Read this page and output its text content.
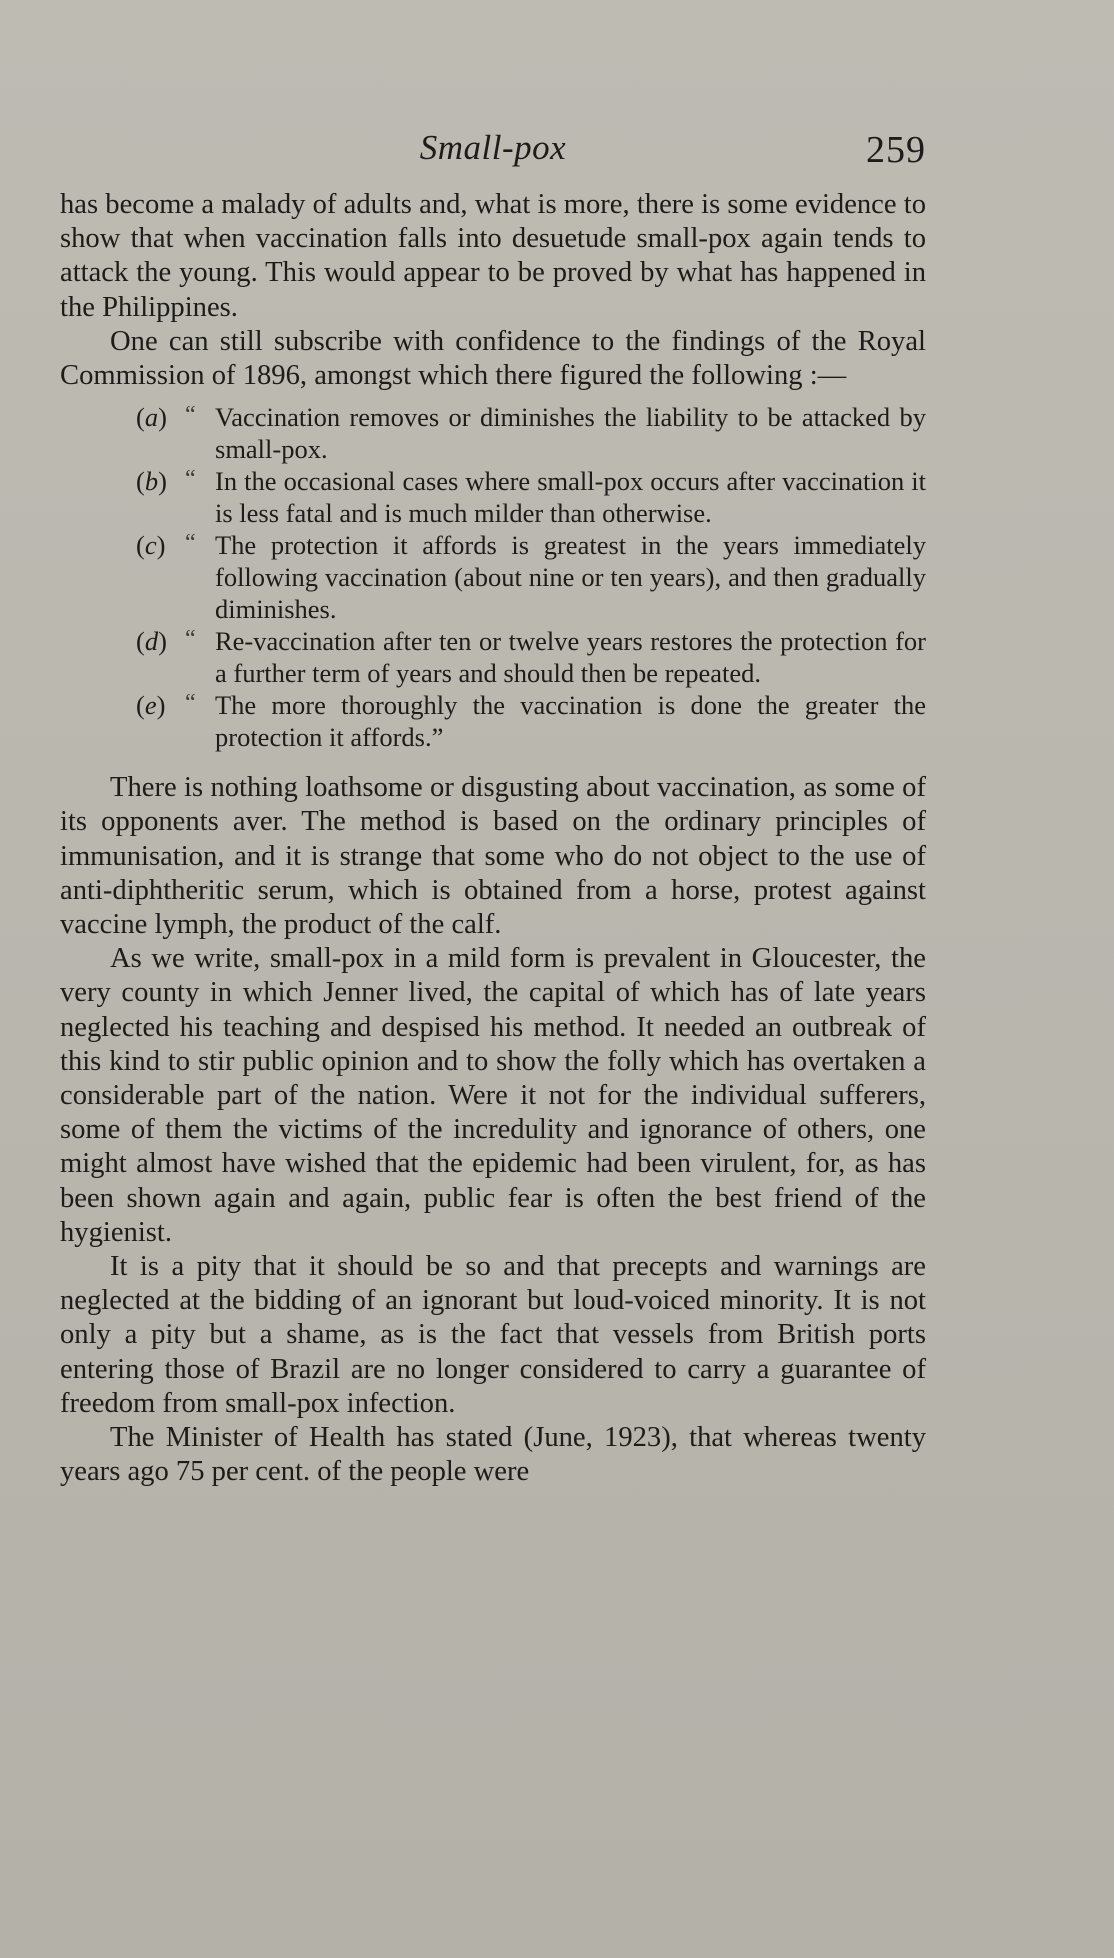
Small-pox	259

has become a malady of adults and, what is more, there is some evidence to show that when vaccination falls into desuetude small-pox again tends to attack the young. This would appear to be proved by what has happened in the Philippines.

One can still subscribe with confidence to the findings of the Royal Commission of 1896, amongst which there figured the following :—

(a) “ Vaccination removes or diminishes the liability to be attacked by small-pox.
(b) “ In the occasional cases where small-pox occurs after vaccination it is less fatal and is much milder than otherwise.
(c) “ The protection it affords is greatest in the years immediately following vaccination (about nine or ten years), and then gradually diminishes.
(d) “ Re-vaccination after ten or twelve years restores the protection for a further term of years and should then be repeated.
(e) “ The more thoroughly the vaccination is done the greater the protection it affords.”

There is nothing loathsome or disgusting about vaccination, as some of its opponents aver. The method is based on the ordinary principles of immunisation, and it is strange that some who do not object to the use of anti-diphtheritic serum, which is obtained from a horse, protest against vaccine lymph, the product of the calf.

As we write, small-pox in a mild form is prevalent in Gloucester, the very county in which Jenner lived, the capital of which has of late years neglected his teaching and despised his method. It needed an outbreak of this kind to stir public opinion and to show the folly which has overtaken a considerable part of the nation. Were it not for the individual sufferers, some of them the victims of the incredulity and ignorance of others, one might almost have wished that the epidemic had been virulent, for, as has been shown again and again, public fear is often the best friend of the hygienist.

It is a pity that it should be so and that precepts and warnings are neglected at the bidding of an ignorant but loud-voiced minority. It is not only a pity but a shame, as is the fact that vessels from British ports entering those of Brazil are no longer considered to carry a guarantee of freedom from small-pox infection.

The Minister of Health has stated (June, 1923), that whereas twenty years ago 75 per cent. of the people were
